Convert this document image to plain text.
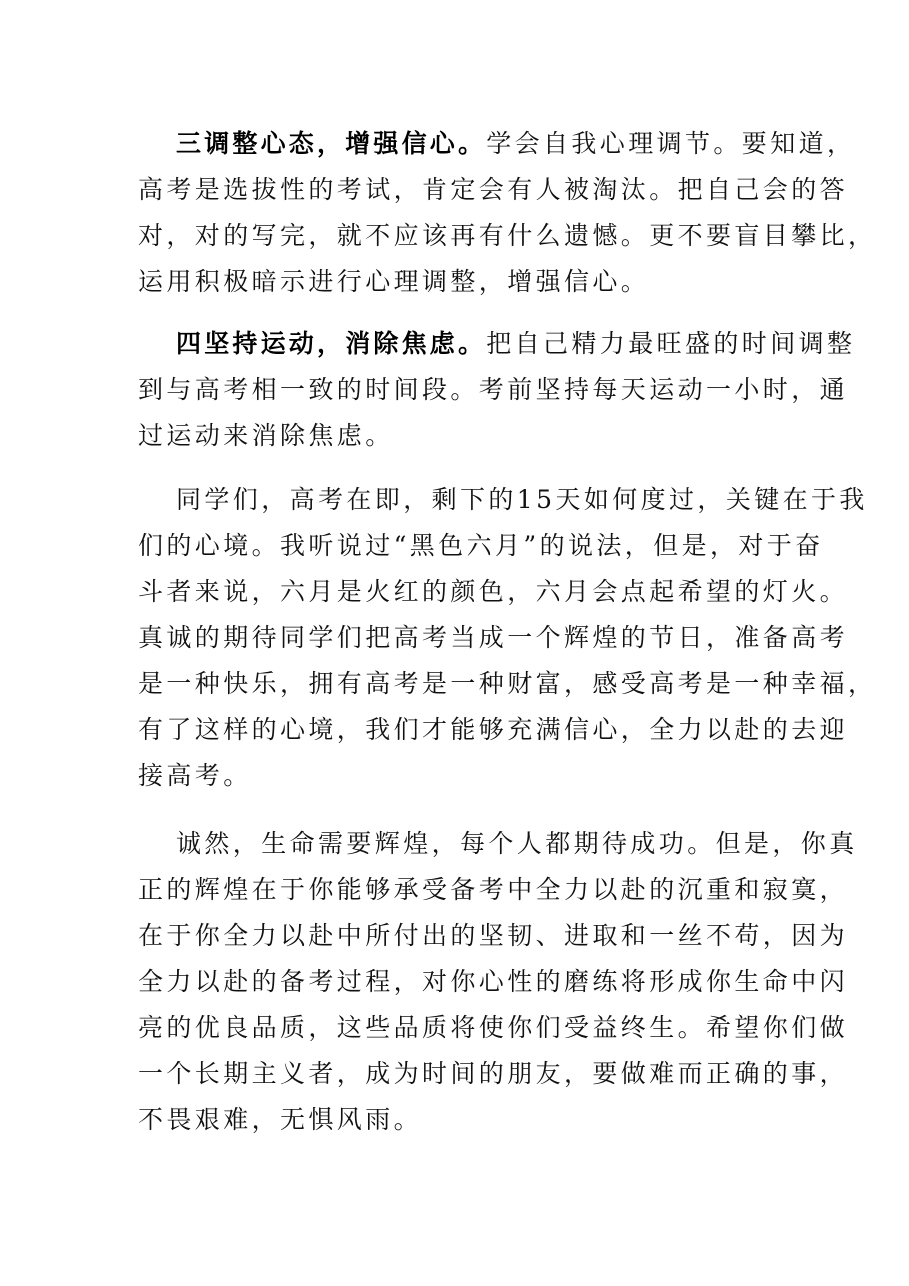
三调整心态，增强信心。学会自我心理调节。要知道，
高考是选拔性的考试，肯定会有人被淘汰。把自己会的答
对，对的写完，就不应该再有什么遗憾。更不要盲目攀比，
运用积极暗示进行心理调整，增强信心。
四坚持运动，消除焦虑。把自己精力最旺盛的时间调整
到与高考相一致的时间段。考前坚持每天运动一小时，通
过运动来消除焦虑。
同学们，高考在即，剩下的15天如何度过，关键在于我
们的心境。我听说过“黑色六月”的说法，但是，对于奋
斗者来说，六月是火红的颜色，六月会点起希望的灯火。
真诚的期待同学们把高考当成一个辉煌的节日，准备高考
是一种快乐，拥有高考是一种财富，感受高考是一种幸福，
有了这样的心境，我们才能够充满信心，全力以赴的去迎
接高考。
诚然，生命需要辉煌，每个人都期待成功。但是，你真
正的辉煌在于你能够承受备考中全力以赴的沉重和寂寞，
在于你全力以赴中所付出的坚韧、进取和一丝不苟，因为
全力以赴的备考过程，对你心性的磨练将形成你生命中闪
亮的优良品质，这些品质将使你们受益终生。希望你们做
一个长期主义者，成为时间的朋友，要做难而正确的事，
不畏艰难，无惧风雨。
